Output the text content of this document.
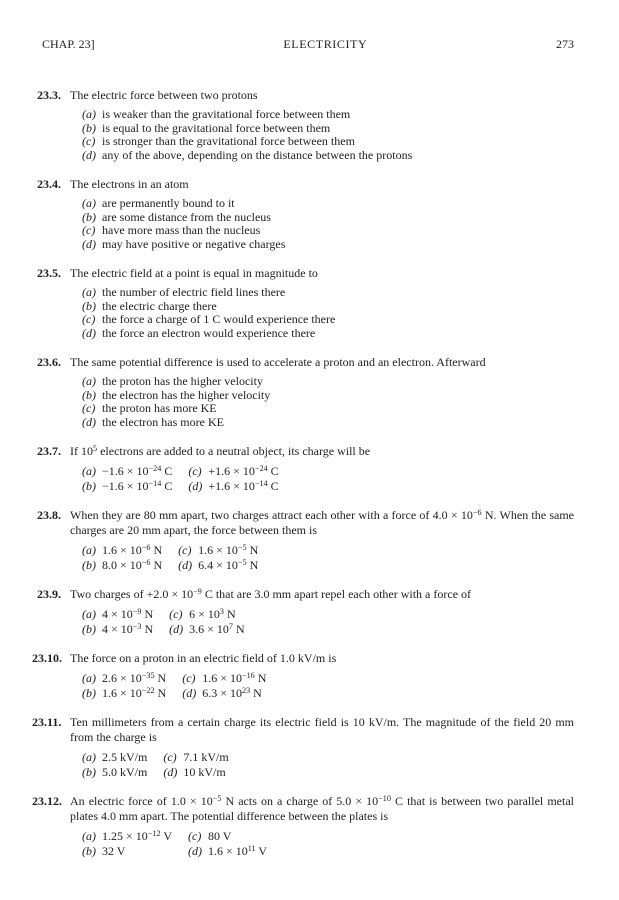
CHAP. 23]	ELECTRICITY	273
23.3. The electric force between two protons
(a) is weaker than the gravitational force between them
(b) is equal to the gravitational force between them
(c) is stronger than the gravitational force between them
(d) any of the above, depending on the distance between the protons
23.4. The electrons in an atom
(a) are permanently bound to it
(b) are some distance from the nucleus
(c) have more mass than the nucleus
(d) may have positive or negative charges
23.5. The electric field at a point is equal in magnitude to
(a) the number of electric field lines there
(b) the electric charge there
(c) the force a charge of 1 C would experience there
(d) the force an electron would experience there
23.6. The same potential difference is used to accelerate a proton and an electron. Afterward
(a) the proton has the higher velocity
(b) the electron has the higher velocity
(c) the proton has more KE
(d) the electron has more KE
23.7. If $10^5$ electrons are added to a neutral object, its charge will be
$(a) -1.6 \times 10^{-24}$ C $(c) +1.6 \times 10^{-24}$ C
$(b) -1.6 \times 10^{-14}$ C $(d) +1.6 \times 10^{-14}$ C
23.8. When they are 80 mm apart, two charges attract each other with a force of $4.0 \times 10^{-6}$ N. When the same charges are 20 mm apart, the force between them is
(a) $1.6 \times 10^{-6}$ N (c) $1.6 \times 10^{-5}$ N
(b) $8.0 \times 10^{-6}$ N (d) $6.4 \times 10^{-5}$ N
23.9. Two charges of $+2.0 \times 10^{-9}$ C that are 3.0 mm apart repel each other with a force of
(a) $4 \times 10^{-9}$ N (c) $6 \times 10^3$ N
(b) $4 \times 10^{-3}$ N (d) $3.6 \times 10^7$ N
23.10. The force on a proton in an electric field of 1.0 kV/m is
(a) $2.6 \times 10^{-35}$ N (c) $1.6 \times 10^{-16}$ N
(b) $1.6 \times 10^{-22}$ N (d) $6.3 \times 10^{23}$ N
23.11. Ten millimeters from a certain charge its electric field is 10 kV/m. The magnitude of the field 20 mm from the charge is
(a) 2.5 kV/m (c) 7.1 kV/m
(b) 5.0 kV/m (d) 10 kV/m
23.12. An electric force of $1.0 \times 10^{-5}$ N acts on a charge of $5.0 \times 10^{-10}$ C that is between two parallel metal plates 4.0 mm apart. The potential difference between the plates is
(a) $1.25 \times 10^{-12}$ V (c) 80 V
(b) 32 V	(d) $1.6 \times 10^{11}$ V
